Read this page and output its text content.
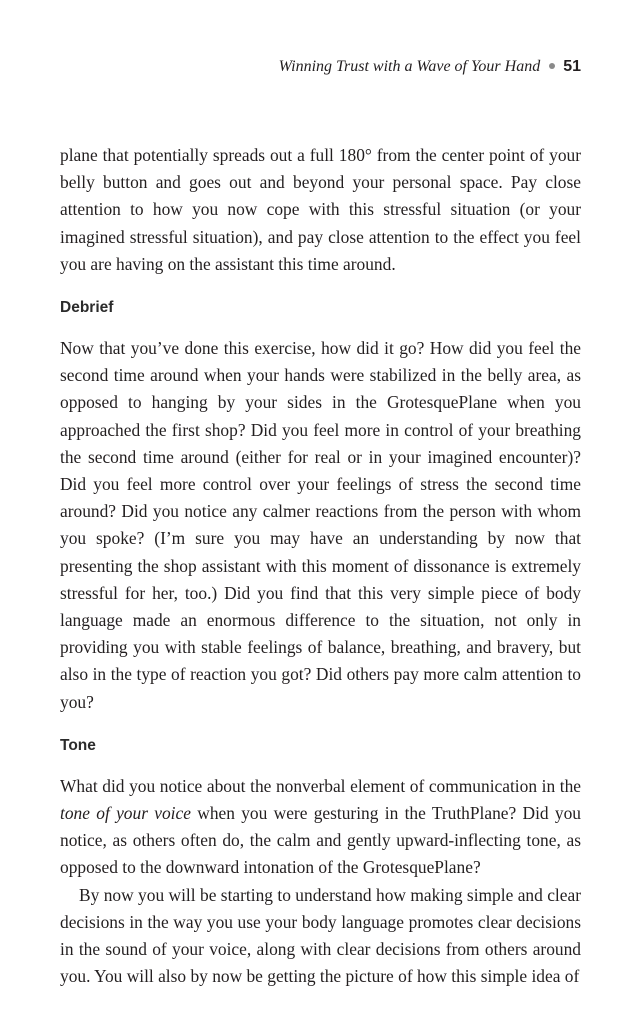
Winning Trust with a Wave of Your Hand 51

plane that potentially spreads out a full 180° from the center point of your belly button and goes out and beyond your personal space. Pay close attention to how you now cope with this stressful situation (or your imagined stressful situation), and pay close attention to the effect you feel you are having on the assistant this time around.

Debrief

Now that you’ve done this exercise, how did it go? How did you feel the second time around when your hands were stabilized in the belly area, as opposed to hanging by your sides in the GrotesquePlane when you approached the first shop? Did you feel more in control of your breathing the second time around (either for real or in your imagined encounter)? Did you feel more control over your feelings of stress the second time around? Did you notice any calmer reactions from the person with whom you spoke? (I’m sure you may have an understanding by now that presenting the shop assistant with this moment of dissonance is extremely stressful for her, too.) Did you find that this very simple piece of body language made an enormous difference to the situation, not only in providing you with stable feelings of balance, breathing, and bravery, but also in the type of reaction you got? Did others pay more calm attention to you?

Tone

What did you notice about the nonverbal element of communication in the tone of your voice when you were gesturing in the TruthPlane? Did you notice, as others often do, the calm and gently upward-inflecting tone, as opposed to the downward intonation of the GrotesquePlane?

By now you will be starting to understand how making simple and clear decisions in the way you use your body language promotes clear decisions in the sound of your voice, along with clear decisions from others around you. You will also by now be getting the picture of how this simple idea of
